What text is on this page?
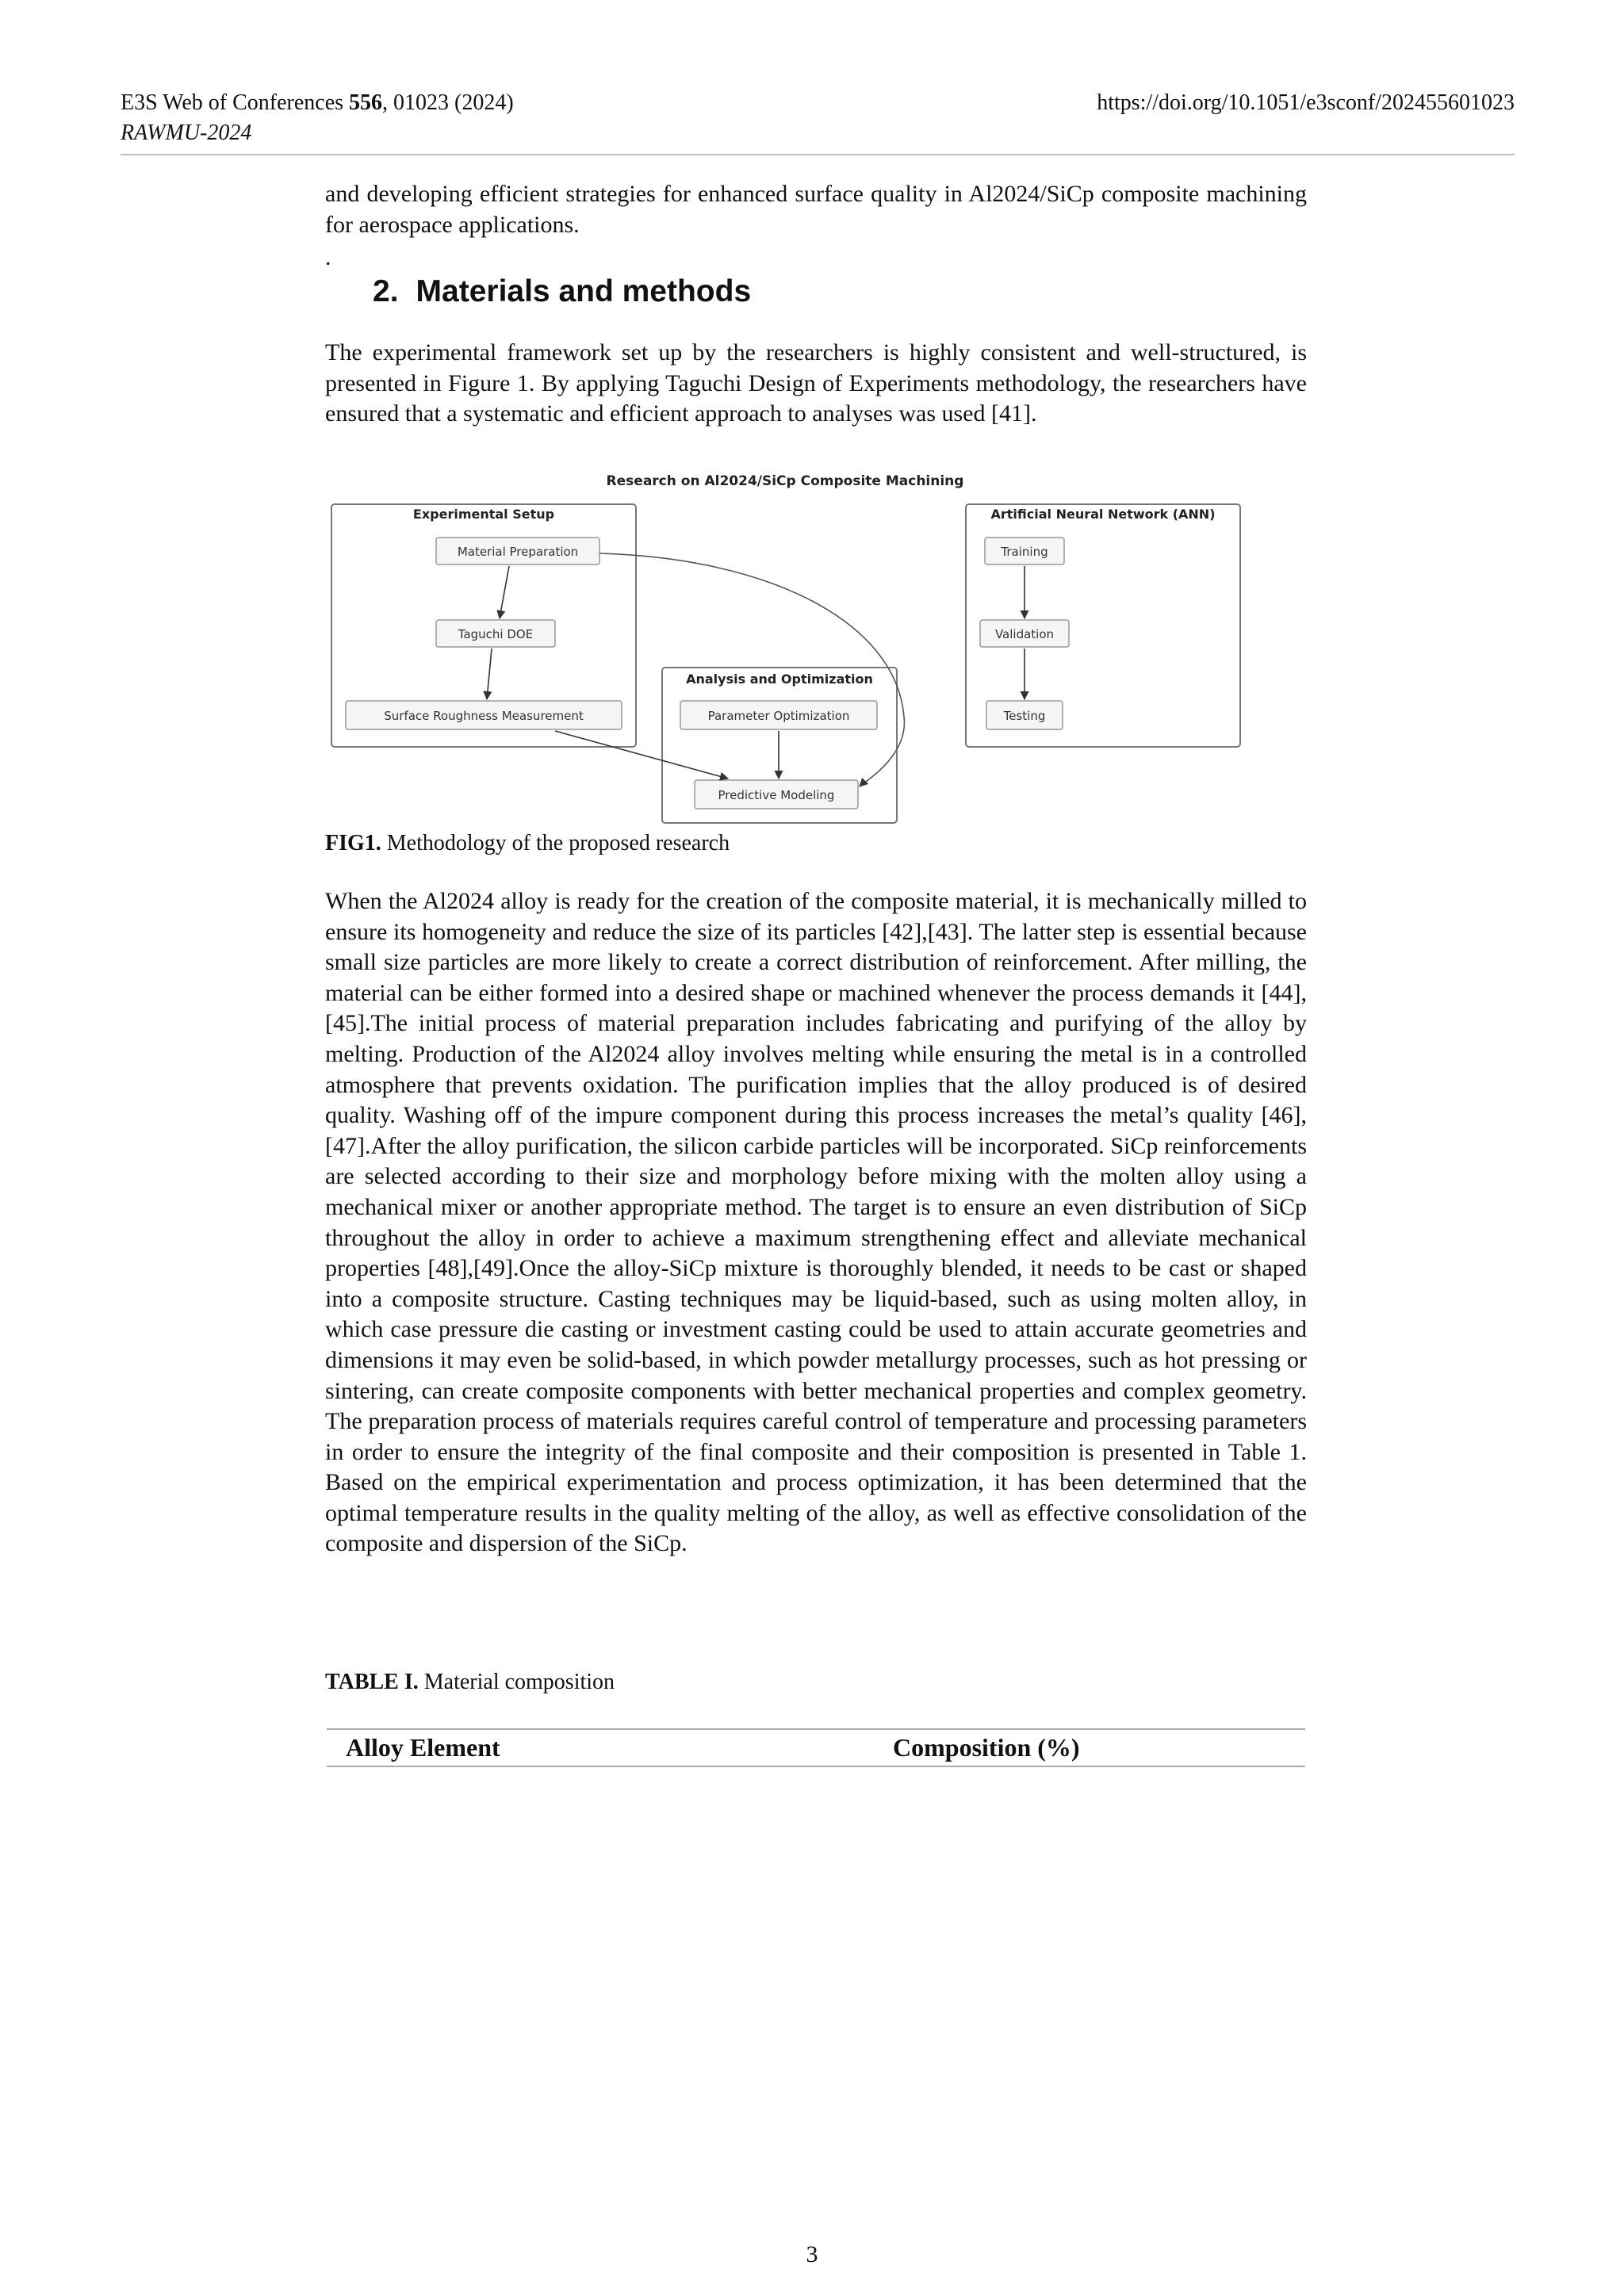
E3S Web of Conferences 556, 01023 (2024)
RAWMU-2024
https://doi.org/10.1051/e3sconf/202455601023

and developing efficient strategies for enhanced surface quality in Al2024/SiCp composite machining for aerospace applications.

.
2. Materials and methods

The experimental framework set up by the researchers is highly consistent and well-structured, is presented in Figure 1. By applying Taguchi Design of Experiments methodology, the researchers have ensured that a systematic and efficient approach to analyses was used [41].

Research on Al2024/SiCp Composite Machining
Experimental Setup
Analysis and Optimization
Artificial Neural Network (ANN)
Material Preparation
Taguchi DOE
Surface Roughness Measurement	Parameter Optimization
Predictive Modeling
Training
Validation
Testing

FIG1. Methodology of the proposed research

When the Al2024 alloy is ready for the creation of the composite material, it is mechanically milled to ensure its homogeneity and reduce the size of its particles [42],[43]. The latter step is essential because small size particles are more likely to create a correct distribution of reinforcement. After milling, the material can be either formed into a desired shape or machined whenever the process demands it [44],[45].The initial process of material preparation includes fabricating and purifying of the alloy by melting. Production of the Al2024 alloy involves melting while ensuring the metal is in a controlled atmosphere that prevents oxidation. The purification implies that the alloy produced is of desired quality. Washing off of the impure component during this process increases the metal’s quality [46],[47].After the alloy purification, the silicon carbide particles will be incorporated. SiCp reinforcements are selected according to their size and morphology before mixing with the molten alloy using a mechanical mixer or another appropriate method. The target is to ensure an even distribution of SiCp throughout the alloy in order to achieve a maximum strengthening effect and alleviate mechanical properties [48],[49].Once the alloy-SiCp mixture is thoroughly blended, it needs to be cast or shaped into a composite structure. Casting techniques may be liquid-based, such as using molten alloy, in which case pressure die casting or investment casting could be used to attain accurate geometries and dimensions it may even be solid-based, in which powder metallurgy processes, such as hot pressing or sintering, can create composite components with better mechanical properties and complex geometry. The preparation process of materials requires careful control of temperature and processing parameters in order to ensure the integrity of the final composite and their composition is presented in Table 1. Based on the empirical experimentation and process optimization, it has been determined that the optimal temperature results in the quality melting of the alloy, as well as effective consolidation of the composite and dispersion of the SiCp.

TABLE I. Material composition

Alloy Element	Composition (%)
3
